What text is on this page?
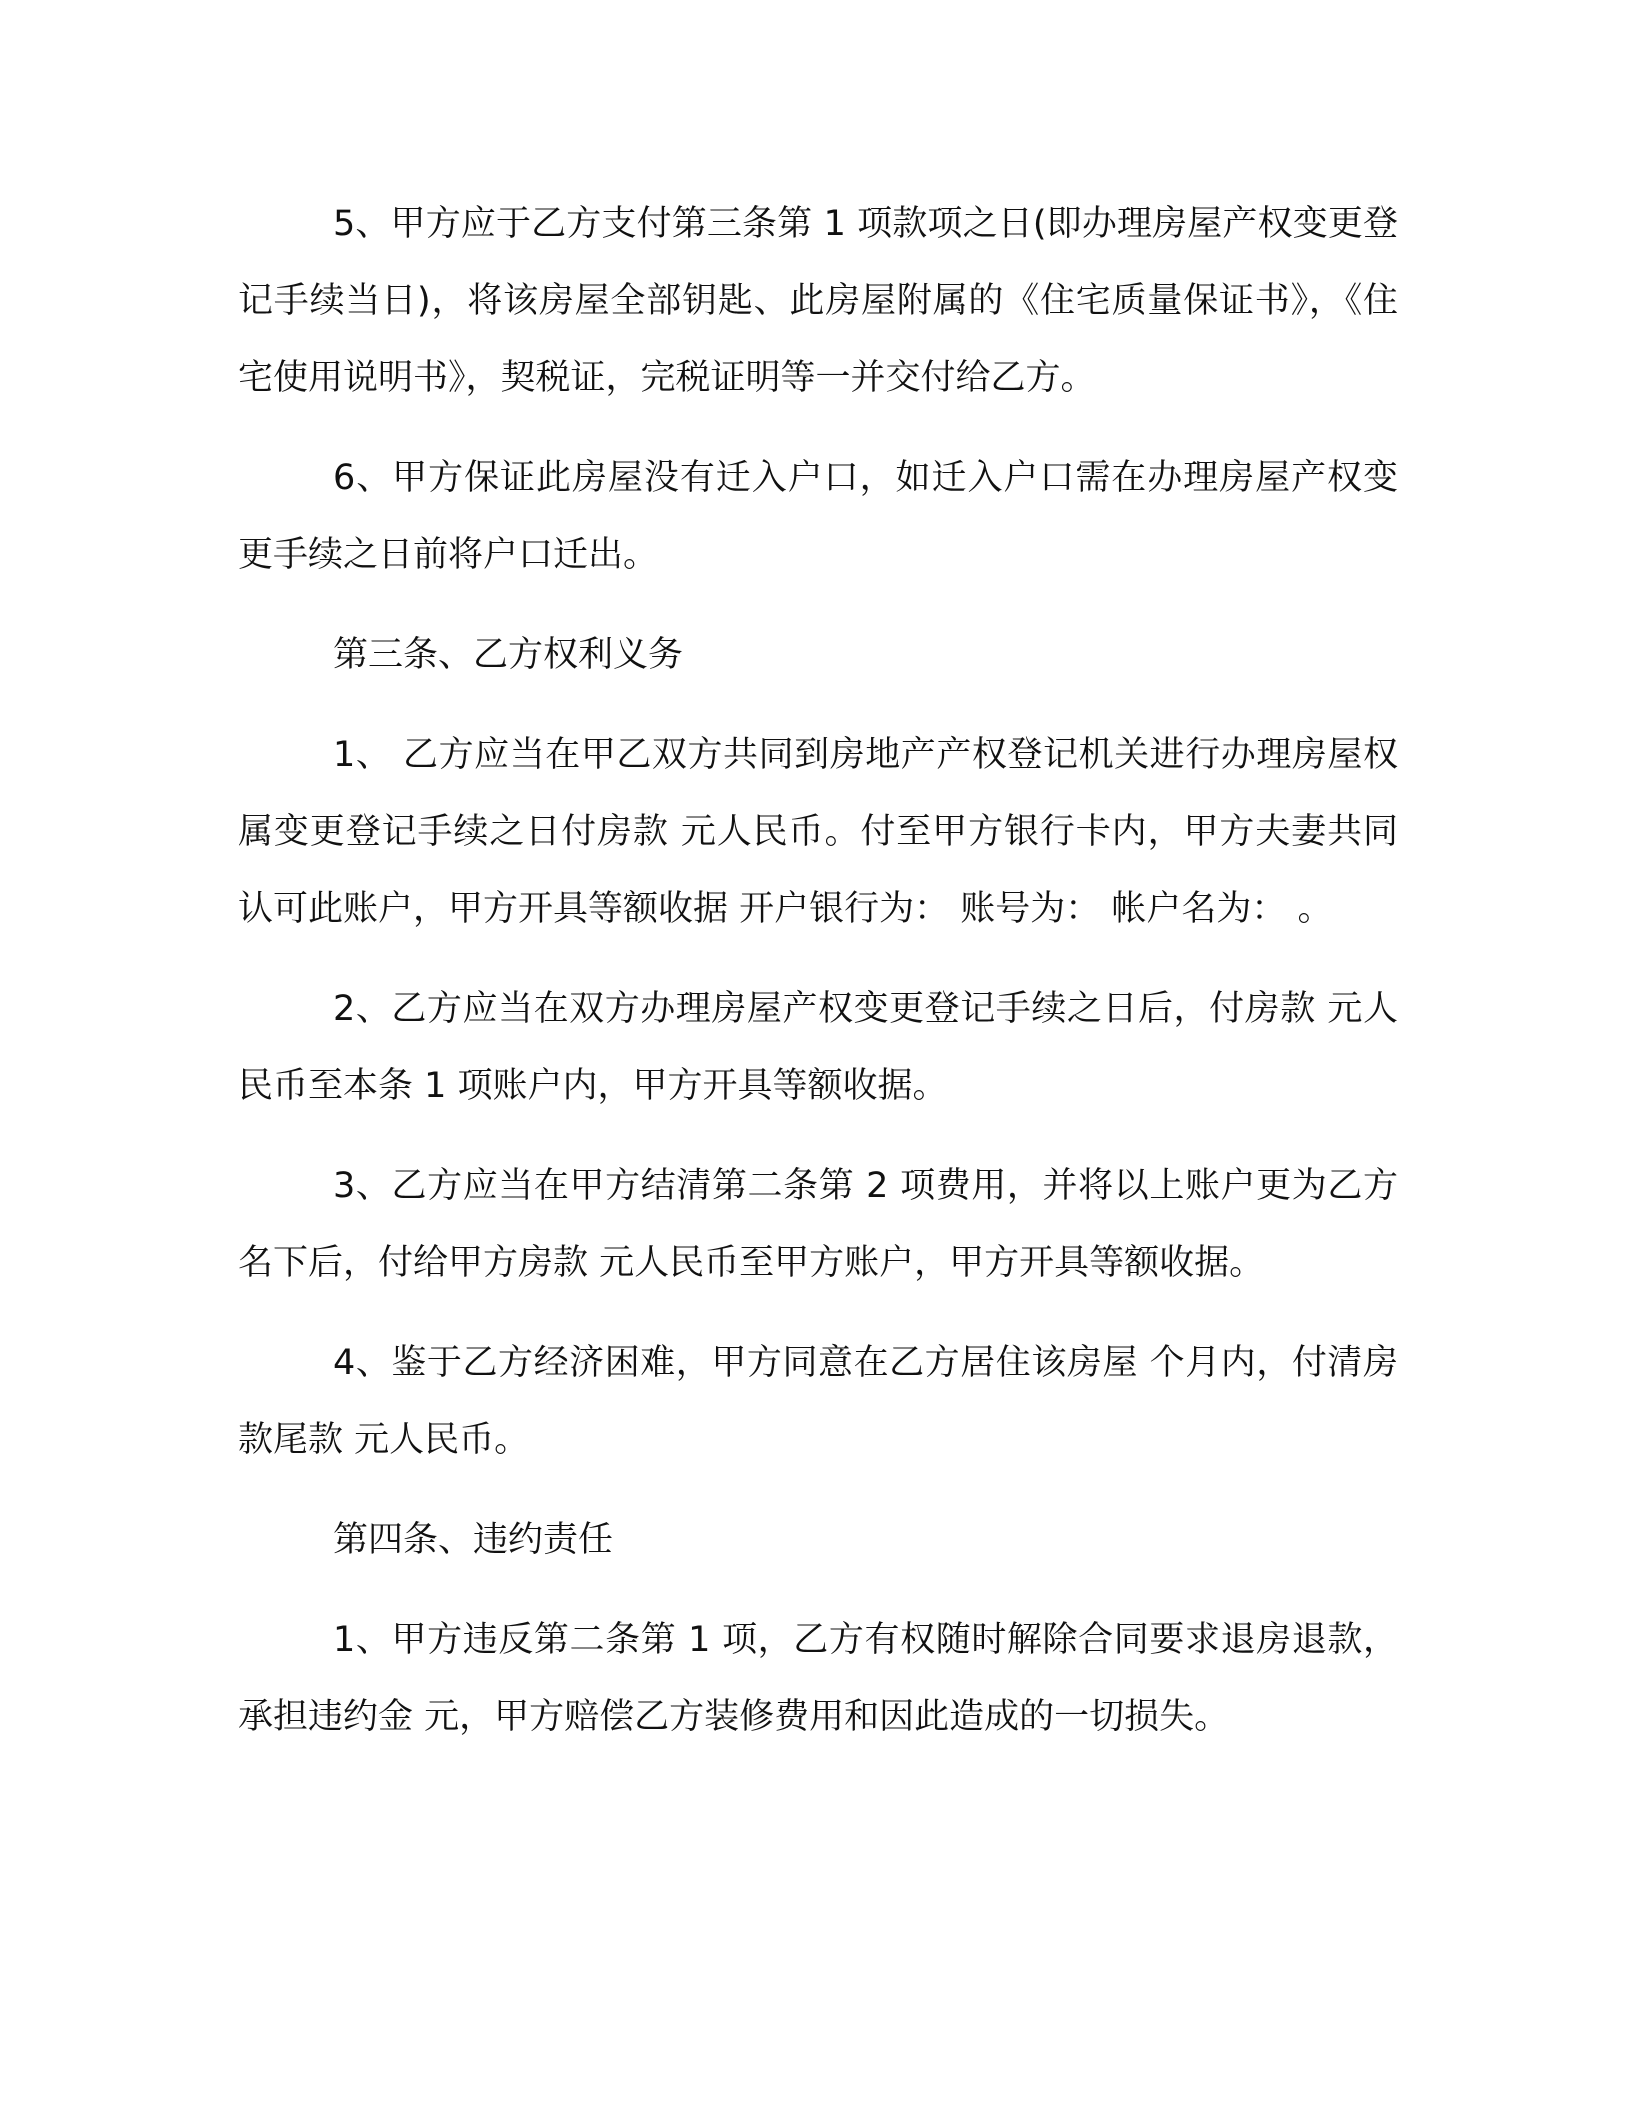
5、甲方应于乙方支付第三条第 1 项款项之日(即办理房屋产权变更登记手续当日)，将该房屋全部钥匙、此房屋附属的《住宅质量保证书》，《住宅使用说明书》，契税证，完税证明等一并交付给乙方。

6、甲方保证此房屋没有迁入户口，如迁入户口需在办理房屋产权变更手续之日前将户口迁出。

第三条、乙方权利义务

1、 乙方应当在甲乙双方共同到房地产产权登记机关进行办理房屋权属变更登记手续之日付房款 元人民币。付至甲方银行卡内，甲方夫妻共同认可此账户，甲方开具等额收据 开户银行为： 账号为： 帐户名为： 。

2、乙方应当在双方办理房屋产权变更登记手续之日后，付房款 元人民币至本条 1 项账户内，甲方开具等额收据。

3、乙方应当在甲方结清第二条第 2 项费用，并将以上账户更为乙方名下后，付给甲方房款 元人民币至甲方账户，甲方开具等额收据。

4、鉴于乙方经济困难，甲方同意在乙方居住该房屋 个月内，付清房款尾款 元人民币。

第四条、违约责任

1、甲方违反第二条第 1 项，乙方有权随时解除合同要求退房退款，承担违约金 元，甲方赔偿乙方装修费用和因此造成的一切损失。
